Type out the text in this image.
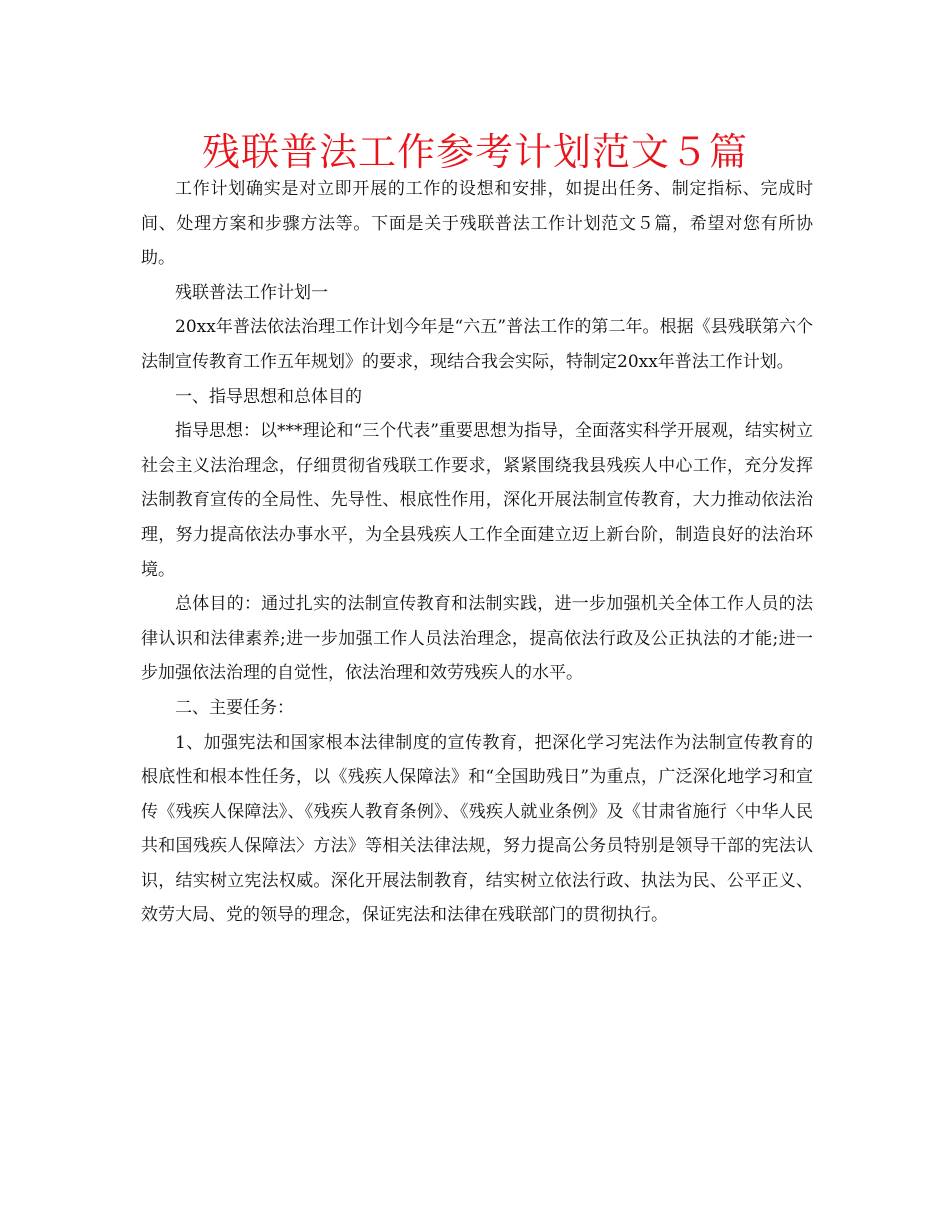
残联普法工作参考计划范文５篇

工作计划确实是对立即开展的工作的设想和安排，如提出任务、制定指标、完成时间、处理方案和步骤方法等。下面是关于残联普法工作计划范文５篇，希望对您有所协助。

残联普法工作计划一

20xx年普法依法治理工作计划今年是“六五”普法工作的第二年。根据《县残联第六个法制宣传教育工作五年规划》的要求，现结合我会实际，特制定20xx年普法工作计划。

一、指导思想和总体目的

指导思想：以***理论和“三个代表”重要思想为指导，全面落实科学开展观，结实树立社会主义法治理念，仔细贯彻省残联工作要求，紧紧围绕我县残疾人中心工作，充分发挥法制教育宣传的全局性、先导性、根底性作用，深化开展法制宣传教育，大力推动依法治理，努力提高依法办事水平，为全县残疾人工作全面建立迈上新台阶，制造良好的法治环境。

总体目的：通过扎实的法制宣传教育和法制实践，进一步加强机关全体工作人员的法律认识和法律素养;进一步加强工作人员法治理念，提高依法行政及公正执法的才能;进一步加强依法治理的自觉性，依法治理和效劳残疾人的水平。

二、主要任务：

1、加强宪法和国家根本法律制度的宣传教育，把深化学习宪法作为法制宣传教育的根底性和根本性任务，以《残疾人保障法》和“全国助残日”为重点，广泛深化地学习和宣传《残疾人保障法》、《残疾人教育条例》、《残疾人就业条例》及《甘肃省施行〈中华人民共和国残疾人保障法〉方法》等相关法律法规，努力提高公务员特别是领导干部的宪法认识，结实树立宪法权威。深化开展法制教育，结实树立依法行政、执法为民、公平正义、效劳大局、党的领导的理念，保证宪法和法律在残联部门的贯彻执行。
